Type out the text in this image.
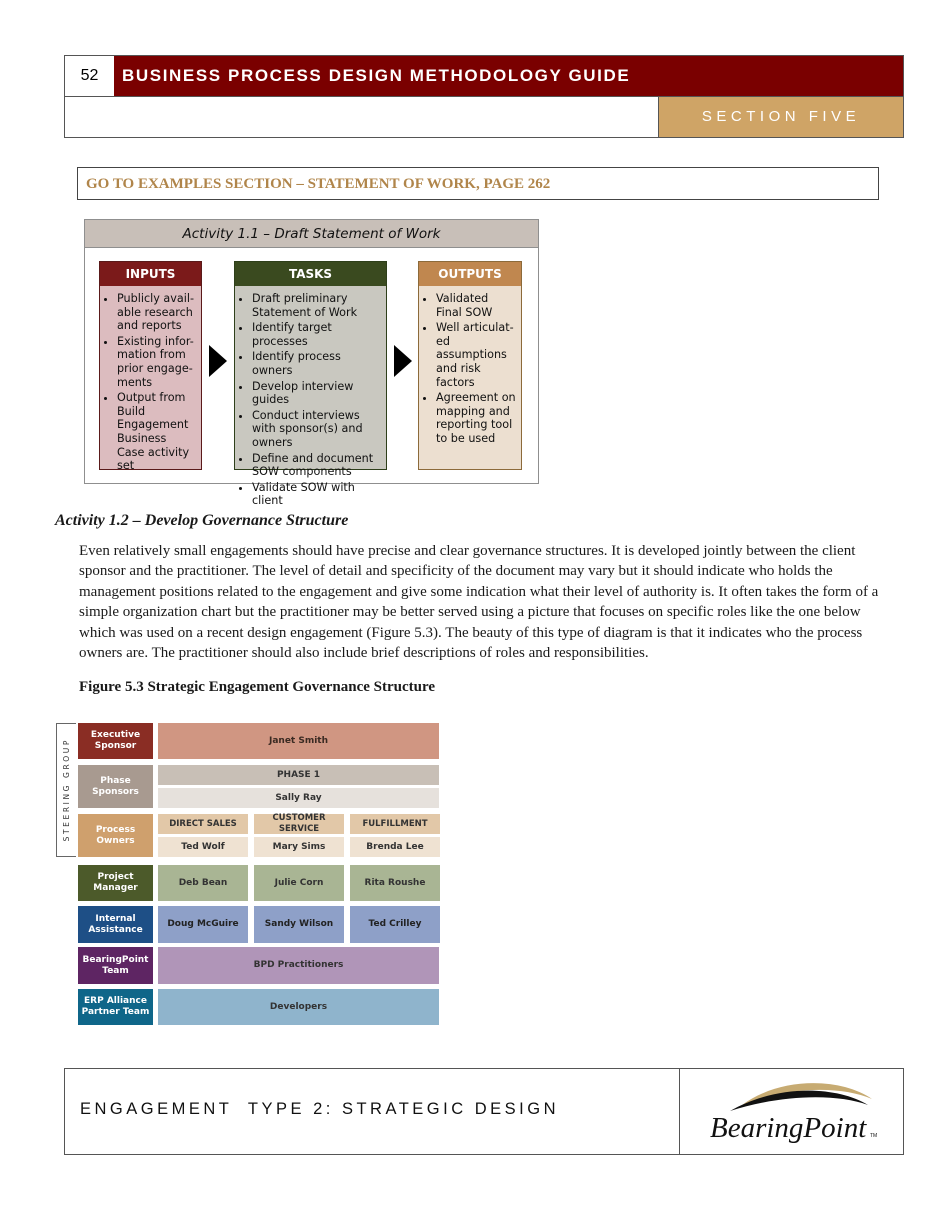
52	BUSINESS PROCESS DESIGN METHODOLOGY GUIDE
SECTION FIVE
GO TO EXAMPLES SECTION – STATEMENT OF WORK, PAGE 262
Activity 1.1 – Draft Statement of Work
INPUTS
• Publicly avail-able research and reports
• Existing infor-mation from prior engage-ments
• Output from Build Engagement Business Case activity set
TASKS
• Draft preliminary Statement of Work
• Identify target processes
• Identify process owners
• Develop interview guides
• Conduct interviews with sponsor(s) and owners
• Define and document SOW components
• Validate SOW with client
OUTPUTS
• Validated Final SOW
• Well articulat-ed assumptions and risk factors
• Agreement on mapping and reporting tool to be used
Activity 1.2 – Develop Governance Structure
Even relatively small engagements should have precise and clear governance structures. It is developed jointly between the client sponsor and the practitioner. The level of detail and specificity of the document may vary but it should indicate who holds the management positions related to the engagement and give some indication what their level of authority is. It often takes the form of a simple organization chart but the practitioner may be better served using a picture that focuses on specific roles like the one below which was used on a recent design engagement (Figure 5.3). The beauty of this type of diagram is that it indicates who the process owners are. The practitioner should also include brief descriptions of roles and responsibilities.
Figure 5.3 Strategic Engagement Governance Structure
STEERING GROUP
Executive Sponsor
Janet Smith
Phase Sponsors
PHASE 1
Sally Ray
Process Owners
DIRECT SALES
CUSTOMER SERVICE
FULFILLMENT
Ted Wolf	Mary Sims	Brenda Lee
Project Manager
Deb Bean	Julie Corn	Rita Roushe
Internal Assistance
Doug McGuire	Sandy Wilson	Ted Crilley
BearingPoint Team
BPD Practitioners
ERP Alliance Partner Team
Developers
ENGAGEMENT  TYPE 2: STRATEGIC DESIGN
BearingPoint TM
